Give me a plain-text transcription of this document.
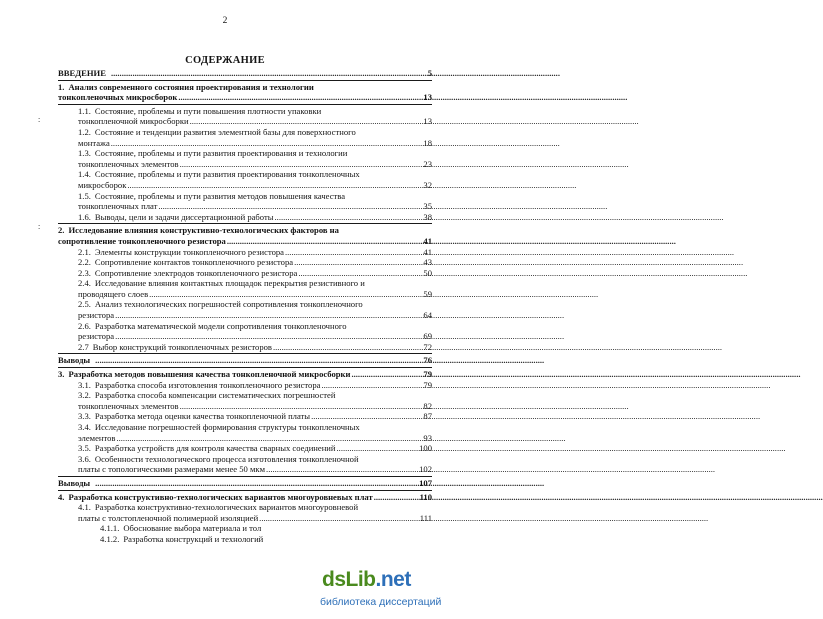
2
СОДЕРЖАНИЕ
ВВЕДЕНИЕ .....	5
1. Анализ современного состояния проектирования и технологии
тонкопленочных микросборок .....	13
1.1. Состояние, проблемы и пути повышения плотности упаковки
тонкопленочной микросборки .....	13
1.2. Состояние и тенденции развития элементной базы для поверхностного
монтажа .....	18
1.3. Состояние, проблемы и пути развития проектирования и технологии
тонкопленочных элементов .....	23
1.4. Состояние, проблемы и пути развития проектирования тонкопленочных
микросборок .....	32
1.5. Состояние, проблемы и пути развития методов повышения качества
тонкопленочных плат .....	35
1.6. Выводы, цели и задачи диссертационной работы .....	38
2. Исследование влияния конструктивно-технологических факторов на
сопротивление тонкопленочного резистора .....	41
2.1. Элементы конструкции тонкопленочного резистора .....	41
2.2. Сопротивление контактов тонкопленочного резистора .....	43
2.3. Сопротивление электродов тонкопленочного резистора .....	50
2.4. Исследование влияния контактных площадок перекрытия резистивного и
проводящего слоев .....	59
2.5. Анализ технологических погрешностей сопротивления тонкопленочного
резистора .....	64
2.6. Разработка математической модели сопротивления тонкопленочного
резистора .....	69
2.7 Выбор конструкций тонкопленочных резисторов .....	72
Выводы .....	76
3. Разработка методов повышения качества тонкопленочной микросборки .....	79
3.1. Разработка способа изготовления тонкопленочного резистора .....	79
3.2. Разработка способа компенсации систематических погрешностей
тонкопленочных элементов .....	82
3.3. Разработка метода оценки качества тонкопленочной платы .....	87
3.4. Исследование погрешностей формирования структуры тонкопленочных
элементов .....	93
3.5. Разработка устройств для контроля качества сварных соединений .....	100
3.6. Особенности технологического процесса изготовления тонкопленочной
платы с топологическими размерами менее 50 мкм .....	102
Выводы .....	107
4. Разработка конструктивно-технологических вариантов многоуровневых плат .....	110
4.1. Разработка конструктивно-технологических вариантов многоуровневой
платы с толстопленочной полимерной изоляцией .....	111
4.1.1. Обоснование выбора материала и тол
4.1.2. Разработка конструкций и технологий
:
:
dsLib.net
библиотека диссертаций
